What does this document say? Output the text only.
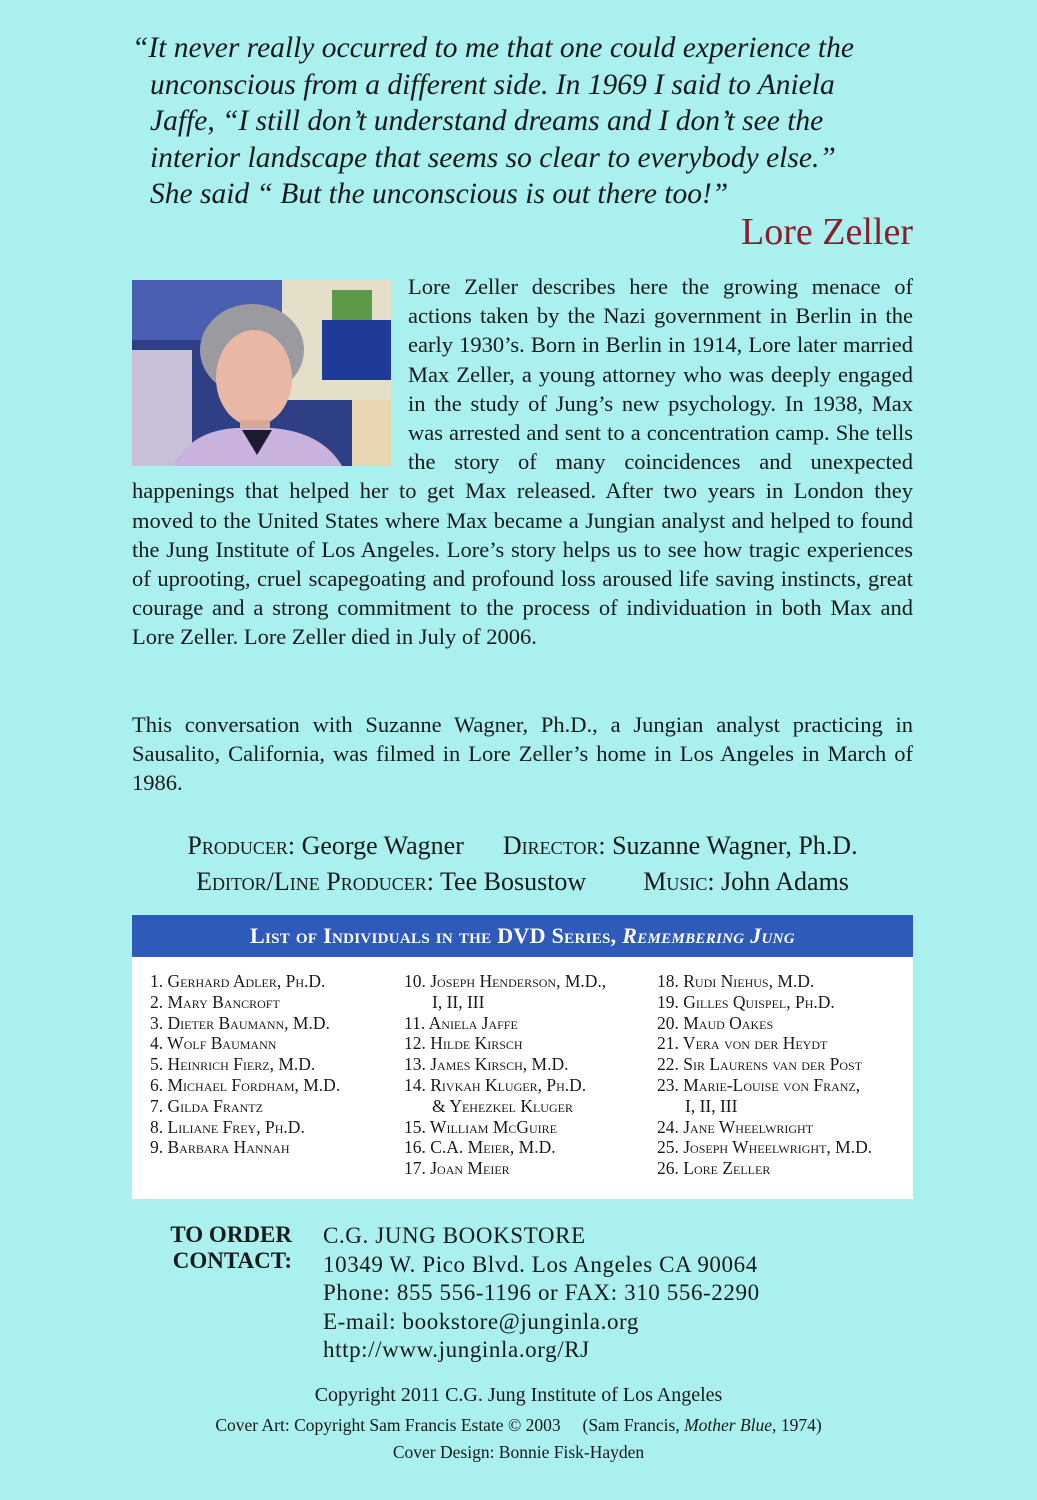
“It never really occurred to me that one could experience the
unconscious from a different side. In 1969 I said to Aniela
Jaffe, “I still don’t understand dreams and I don’t see the
interior landscape that seems so clear to everybody else.”
She said “ But the unconscious is out there too!”
Lore Zeller
Lore Zeller describes here the growing menace of actions taken by the Nazi government in Berlin in the early 1930’s. Born in Berlin in 1914, Lore later married Max Zeller, a young attorney who was deeply engaged in the study of Jung’s new psychology. In 1938, Max was arrested and sent to a concentration camp. She tells the story of many coincidences and unexpected happenings that helped her to get Max released. After two years in London they moved to the United States where Max became a Jungian analyst and helped to found the Jung Institute of Los Angeles. Lore’s story helps us to see how tragic experiences of uprooting, cruel scapegoating and profound loss aroused life saving instincts, great courage and a strong commitment to the process of individuation in both Max and Lore Zeller. Lore Zeller died in July of 2006.
This conversation with Suzanne Wagner, Ph.D., a Jungian analyst practicing in Sausalito, California, was filmed in Lore Zeller’s home in Los Angeles in March of 1986.
Producer: George Wagner Director: Suzanne Wagner, Ph.D.
Editor/Line Producer: Tee Bosustow Music: John Adams
List of Individuals in the DVD Series, Remembering Jung
1. Gerhard Adler, Ph.D.
2. Mary Bancroft
3. Dieter Baumann, M.D.
4. Wolf Baumann
5. Heinrich Fierz, M.D.
6. Michael Fordham, M.D.
7. Gilda Frantz
8. Liliane Frey, Ph.D.
9. Barbara Hannah
10. Joseph Henderson, M.D.,
I, II, III
11. Aniela Jaffe
12. Hilde Kirsch
13. James Kirsch, M.D.
14. Rivkah Kluger, Ph.D.
& Yehezkel Kluger
15. William McGuire
16. C.A. Meier, M.D.
17. Joan Meier
18. Rudi Niehus, M.D.
19. Gilles Quispel, Ph.D.
20. Maud Oakes
21. Vera von der Heydt
22. Sir Laurens van der Post
23. Marie-Louise von Franz,
I, II, III
24. Jane Wheelwright
25. Joseph Wheelwright, M.D.
26. Lore Zeller
TO ORDER
CONTACT:
C.G. JUNG BOOKSTORE
10349 W. Pico Blvd. Los Angeles CA 90064
Phone: 855 556-1196 or FAX: 310 556-2290
E-mail: bookstore@junginla.org
http://www.junginla.org/RJ
Copyright 2011 C.G. Jung Institute of Los Angeles
Cover Art: Copyright Sam Francis Estate © 2003 (Sam Francis, Mother Blue, 1974)
Cover Design: Bonnie Fisk-Hayden
